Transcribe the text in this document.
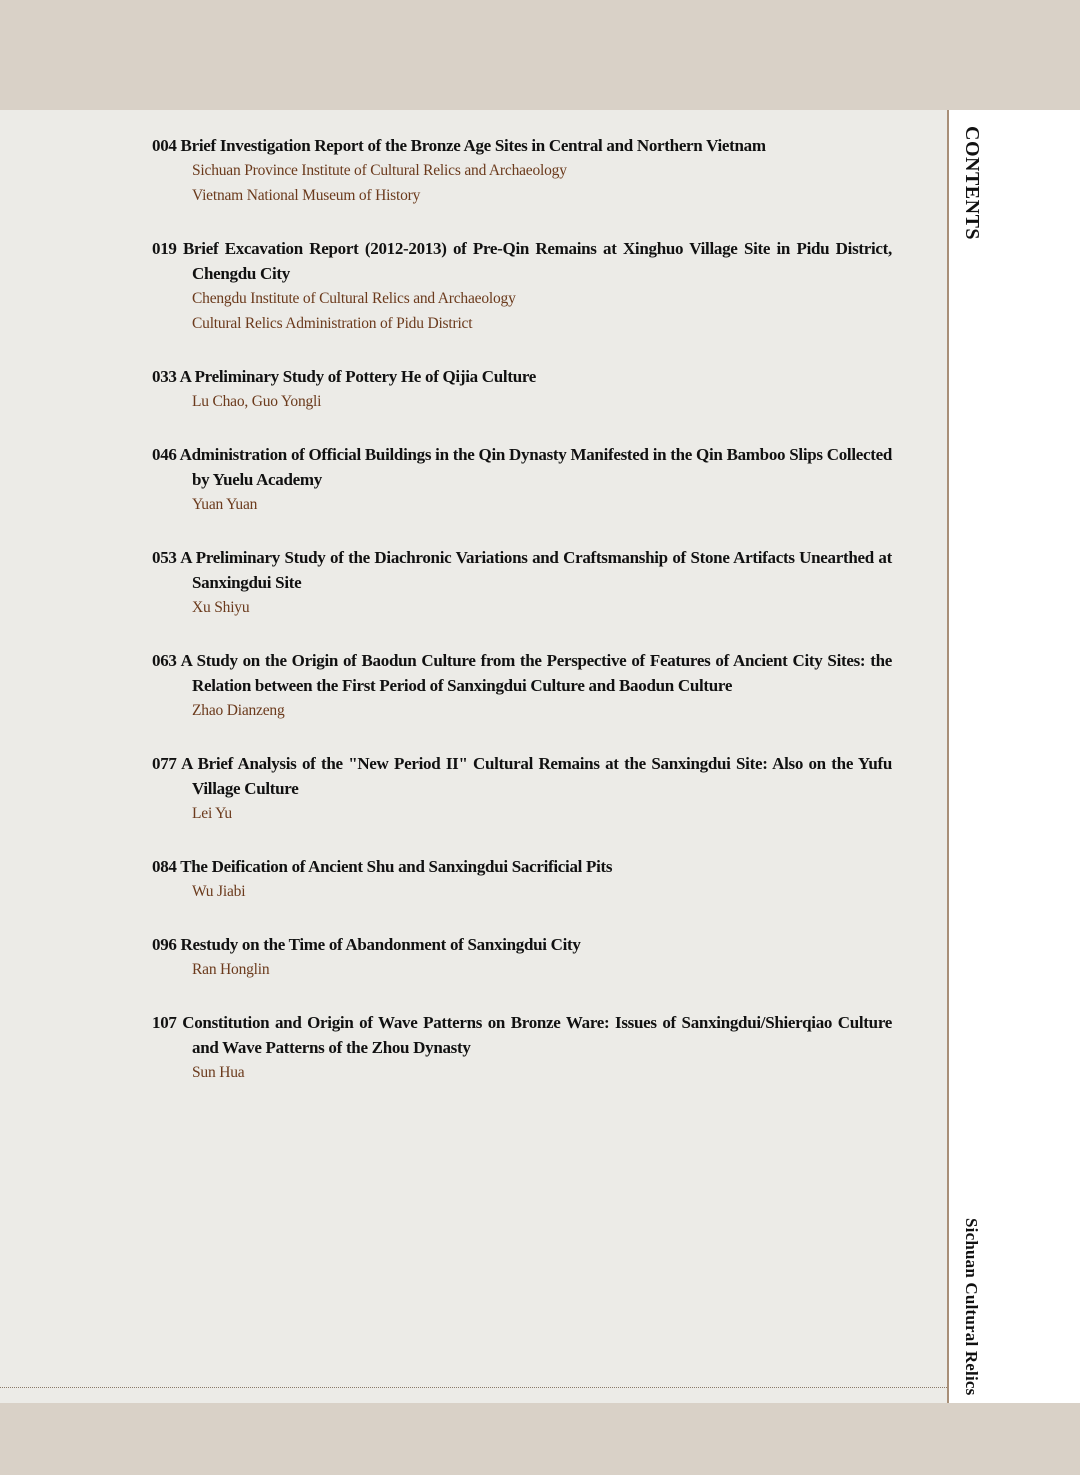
004 Brief Investigation Report of the Bronze Age Sites in Central and Northern Vietnam
Sichuan Province Institute of Cultural Relics and Archaeology
Vietnam National Museum of History
019 Brief Excavation Report (2012-2013) of Pre-Qin Remains at Xinghuo Village Site in Pidu District, Chengdu City
Chengdu Institute of Cultural Relics and Archaeology
Cultural Relics Administration of Pidu District
033 A Preliminary Study of Pottery He of Qijia Culture
Lu Chao, Guo Yongli
046 Administration of Official Buildings in the Qin Dynasty Manifested in the Qin Bamboo Slips Collected by Yuelu Academy
Yuan Yuan
053 A Preliminary Study of the Diachronic Variations and Craftsmanship of Stone Artifacts Unearthed at Sanxingdui Site
Xu Shiyu
063 A Study on the Origin of Baodun Culture from the Perspective of Features of Ancient City Sites: the Relation between the First Period of Sanxingdui Culture and Baodun Culture
Zhao Dianzeng
077 A Brief Analysis of the "New Period II" Cultural Remains at the Sanxingdui Site: Also on the Yufu Village Culture
Lei Yu
084 The Deification of Ancient Shu and Sanxingdui Sacrificial Pits
Wu Jiabi
096 Restudy on the Time of Abandonment of Sanxingdui City
Ran Honglin
107 Constitution and Origin of Wave Patterns on Bronze Ware: Issues of Sanxingdui/Shierqiao Culture and Wave Patterns of the Zhou Dynasty
Sun Hua
CONTENTS
Sichuan Cultural Relics
